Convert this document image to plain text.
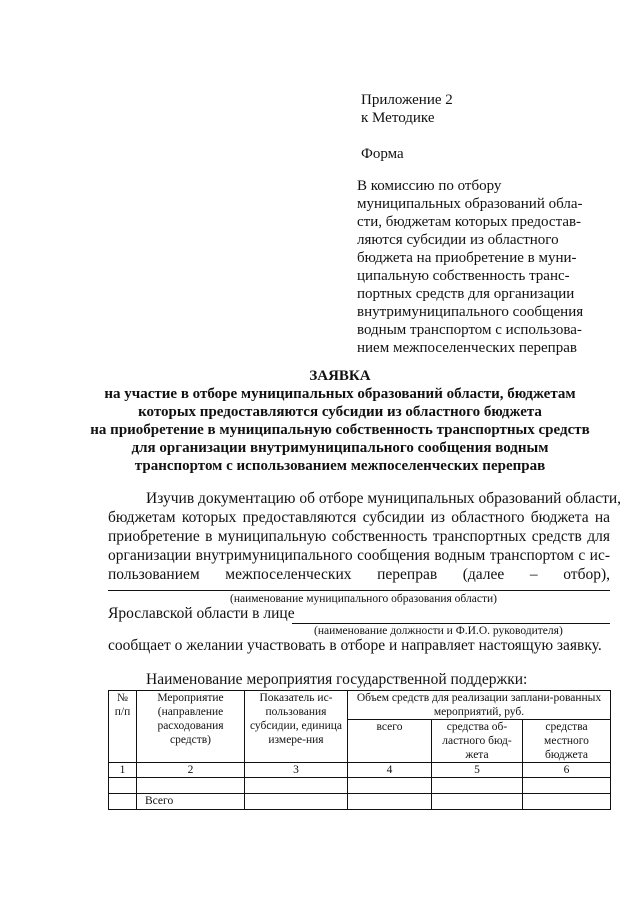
Приложение 2
к Методике
Форма
В комиссию по отбору
муниципальных образований обла-
сти, бюджетам которых предостав-
ляются субсидии из областного
бюджета на приобретение в муни-
ципальную собственность транс-
портных средств для организации
внутримуниципального сообщения
водным транспортом с использова-
нием межпоселенческих переправ
ЗАЯВКА
на участие в отборе муниципальных образований области, бюджетам
которых предоставляются субсидии из областного бюджета
на приобретение в муниципальную собственность транспортных средств
для организации внутримуниципального сообщения водным
транспортом с использованием межпоселенческих переправ
Изучив документацию об отборе муниципальных образований области,
бюджетам которых предоставляются субсидии из областного бюджета на
приобретение в муниципальную собственность транспортных средств для
организации внутримуниципального сообщения водным транспортом с ис-
пользованием межпоселенческих переправ (далее – отбор),
(наименование муниципального образования области)
Ярославской области в лице
(наименование должности и Ф.И.О. руководителя)
сообщает о желании участвовать в отборе и направляет настоящую заявку.
Наименование мероприятия государственной поддержки:
№ п/п	Мероприятие (направление расходования средств)	Показатель ис-пользования субсидии, единица измере-ния	Объем средств для реализации заплани-рованных мероприятий, руб.		
			всего	средства об-ластного бюд-жета	средства местного бюджета
1	2	3	4	5	6

	Всего				
